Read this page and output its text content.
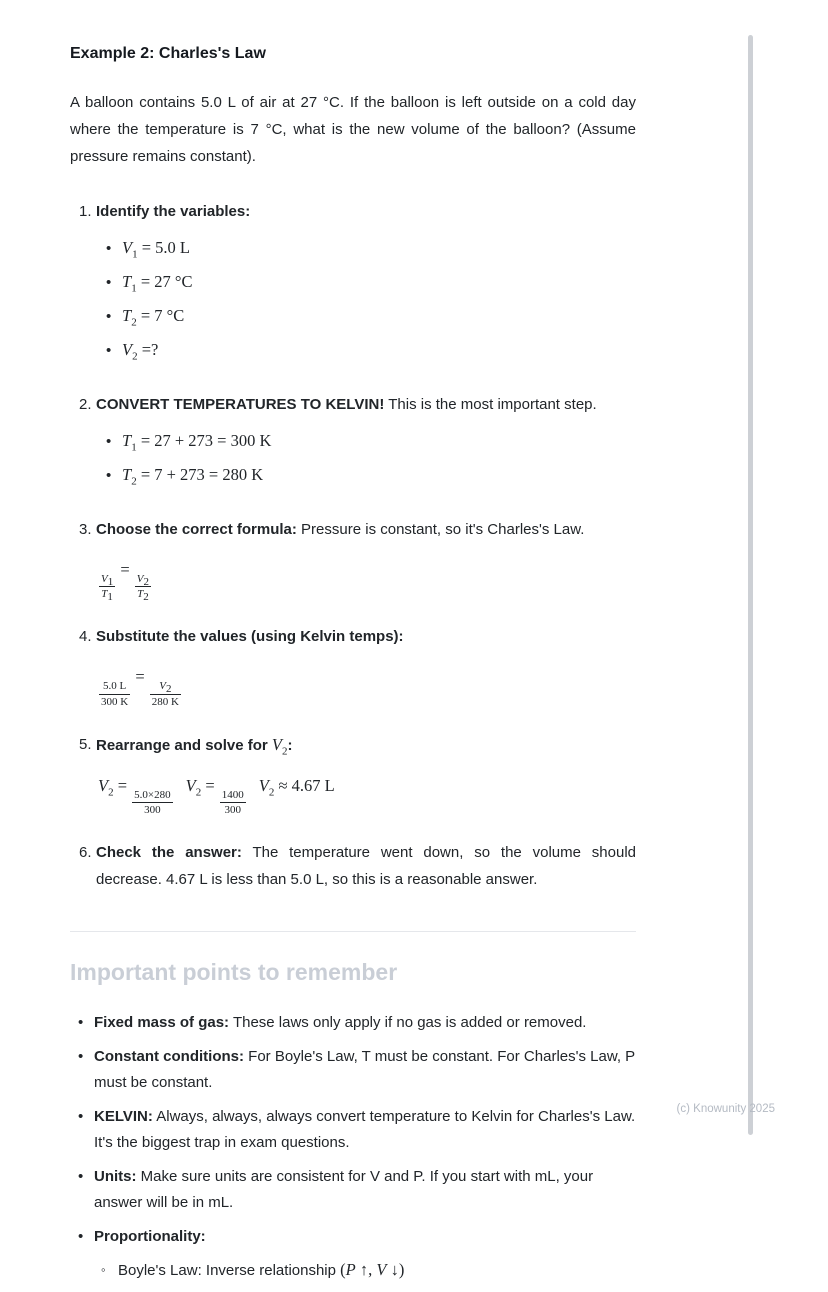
Example 2: Charles's Law

A balloon contains 5.0 L of air at 27 °C. If the balloon is left outside on a cold day where the temperature is 7 °C, what is the new volume of the balloon? (Assume pressure remains constant).

1. Identify the variables:
• $V_1 = 5.0$ L
• $T_1 = 27$ °C
• $T_2 = 7$ °C
• $V_2$ =?
2. CONVERT TEMPERATURES TO KELVIN! This is the most important step.
• $T_1 = 27 + 273 = 300$ K
• $T_2 = 7 + 273 = 280$ K
3. Choose the correct formula: Pressure is constant, so it's Charles's Law.
$\frac{V_1}{T_1}$
=
$\frac{V_2}{T_2}$
4. Substitute the values (using Kelvin temps):
$\frac{5.0 L}{300 K}$
=
$\frac{V_2}{280 K}$
5. Rearrange and solve for $V_2$:
$V_2$ =
$\frac{5.0\times 280}{300}$
$V_2$ =
$\frac{1400}{300}$
$V_2 \approx 4.67$ L
6. Check the answer: The temperature went down, so the volume should decrease. 4.67 L is less than 5.0 L, so this is a reasonable answer.
Important points to remember
• Fixed mass of gas: These laws only apply if no gas is added or removed.
• Constant conditions: For Boyle's Law, T must be constant. For Charles's Law, P must be constant.
• KELVIN: Always, always, always convert temperature to Kelvin for Charles's Law. It's the biggest trap in exam questions.
• Units: Make sure units are consistent for V and P. If you start with mL, your answer will be in mL.
• Proportionality:
◦ Boyle's Law: Inverse relationship (P ↑, V ↓)
(c) Knowunity 2025
